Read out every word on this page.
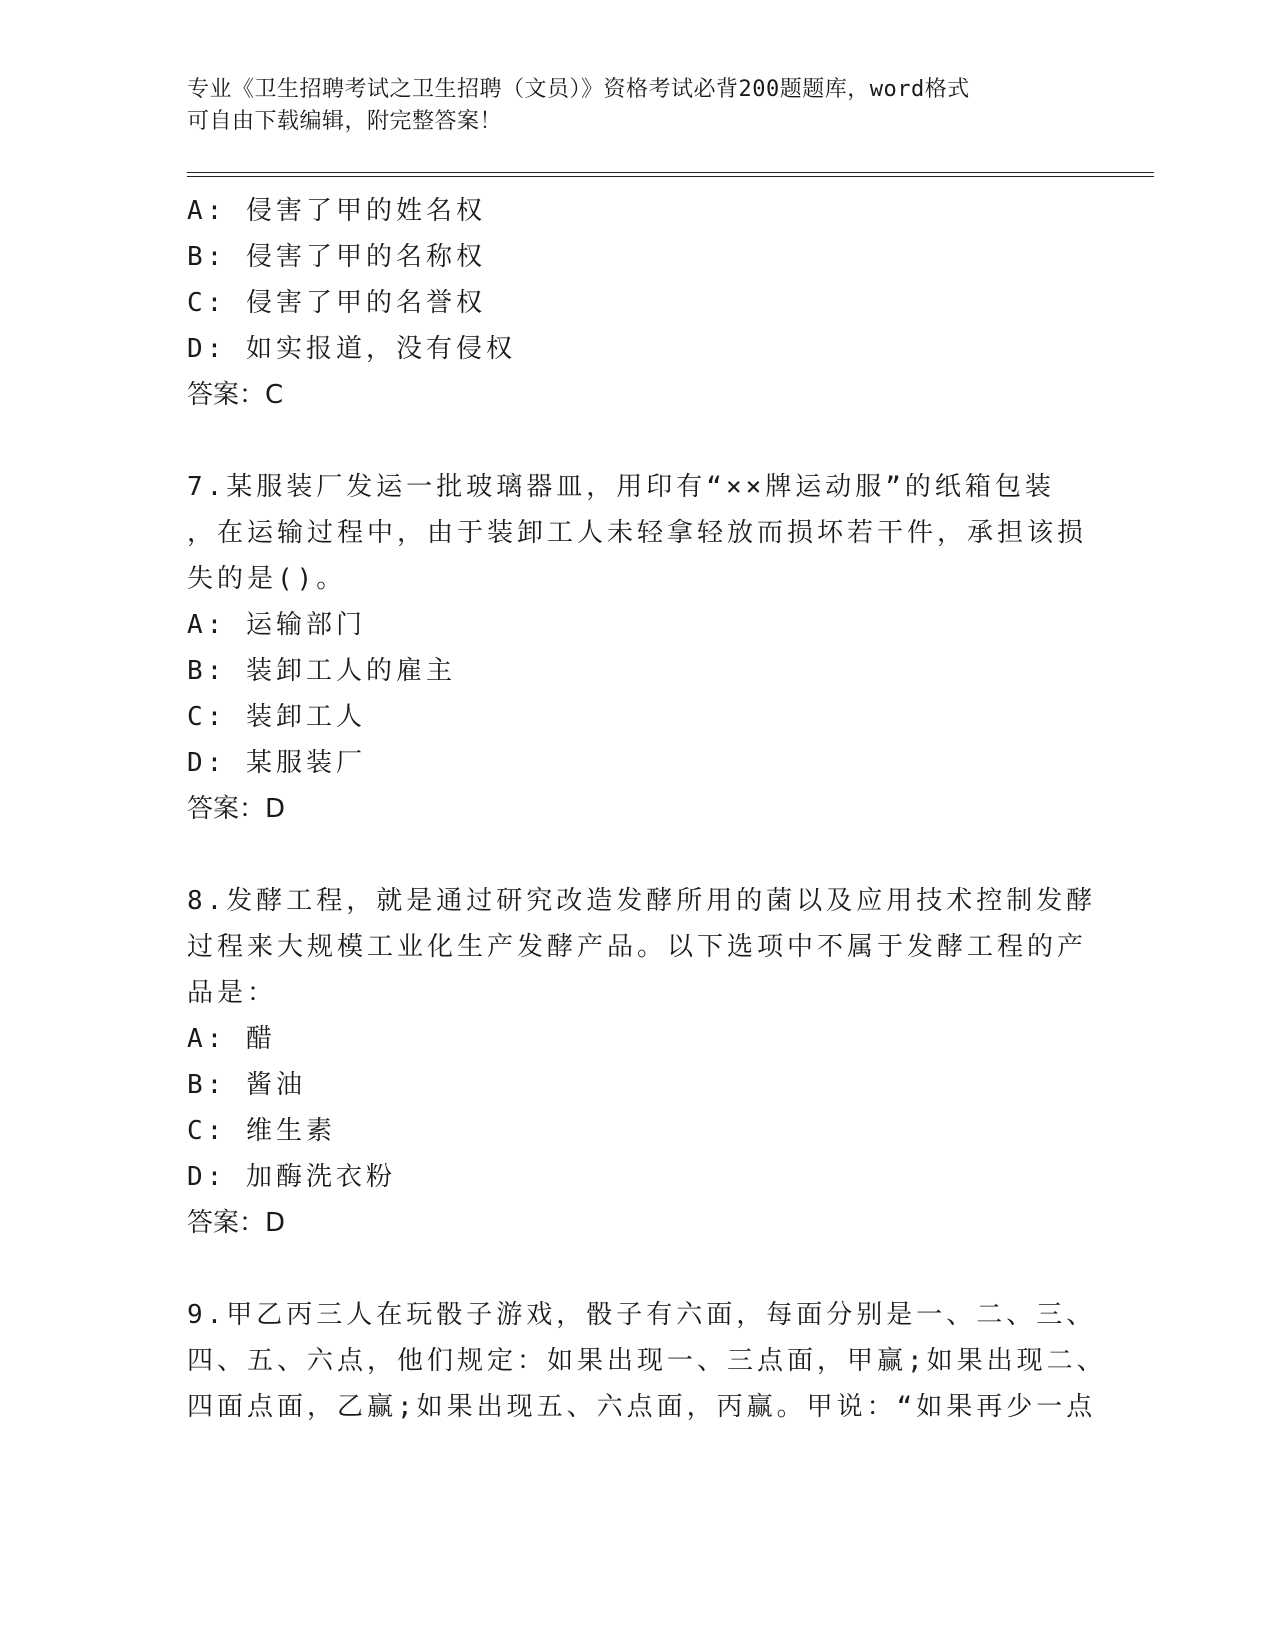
专业《卫生招聘考试之卫生招聘（文员）》资格考试必背200题题库，word格式
可自由下载编辑，附完整答案！
A: 侵害了甲的姓名权
B: 侵害了甲的名称权
C: 侵害了甲的名誉权
D: 如实报道，没有侵权
答案：C
7.某服装厂发运一批玻璃器皿，用印有“××牌运动服”的纸箱包装
，在运输过程中，由于装卸工人未轻拿轻放而损坏若干件，承担该损
失的是()。
A: 运输部门
B: 装卸工人的雇主
C: 装卸工人
D: 某服装厂
答案：D
8.发酵工程，就是通过研究改造发酵所用的菌以及应用技术控制发酵
过程来大规模工业化生产发酵产品。以下选项中不属于发酵工程的产
品是：
A: 醋
B: 酱油
C: 维生素
D: 加酶洗衣粉
答案：D
9.甲乙丙三人在玩骰子游戏，骰子有六面，每面分别是一、二、三、
四、五、六点，他们规定：如果出现一、三点面，甲赢;如果出现二、
四面点面，乙赢;如果出现五、六点面，丙赢。甲说：“如果再少一点
